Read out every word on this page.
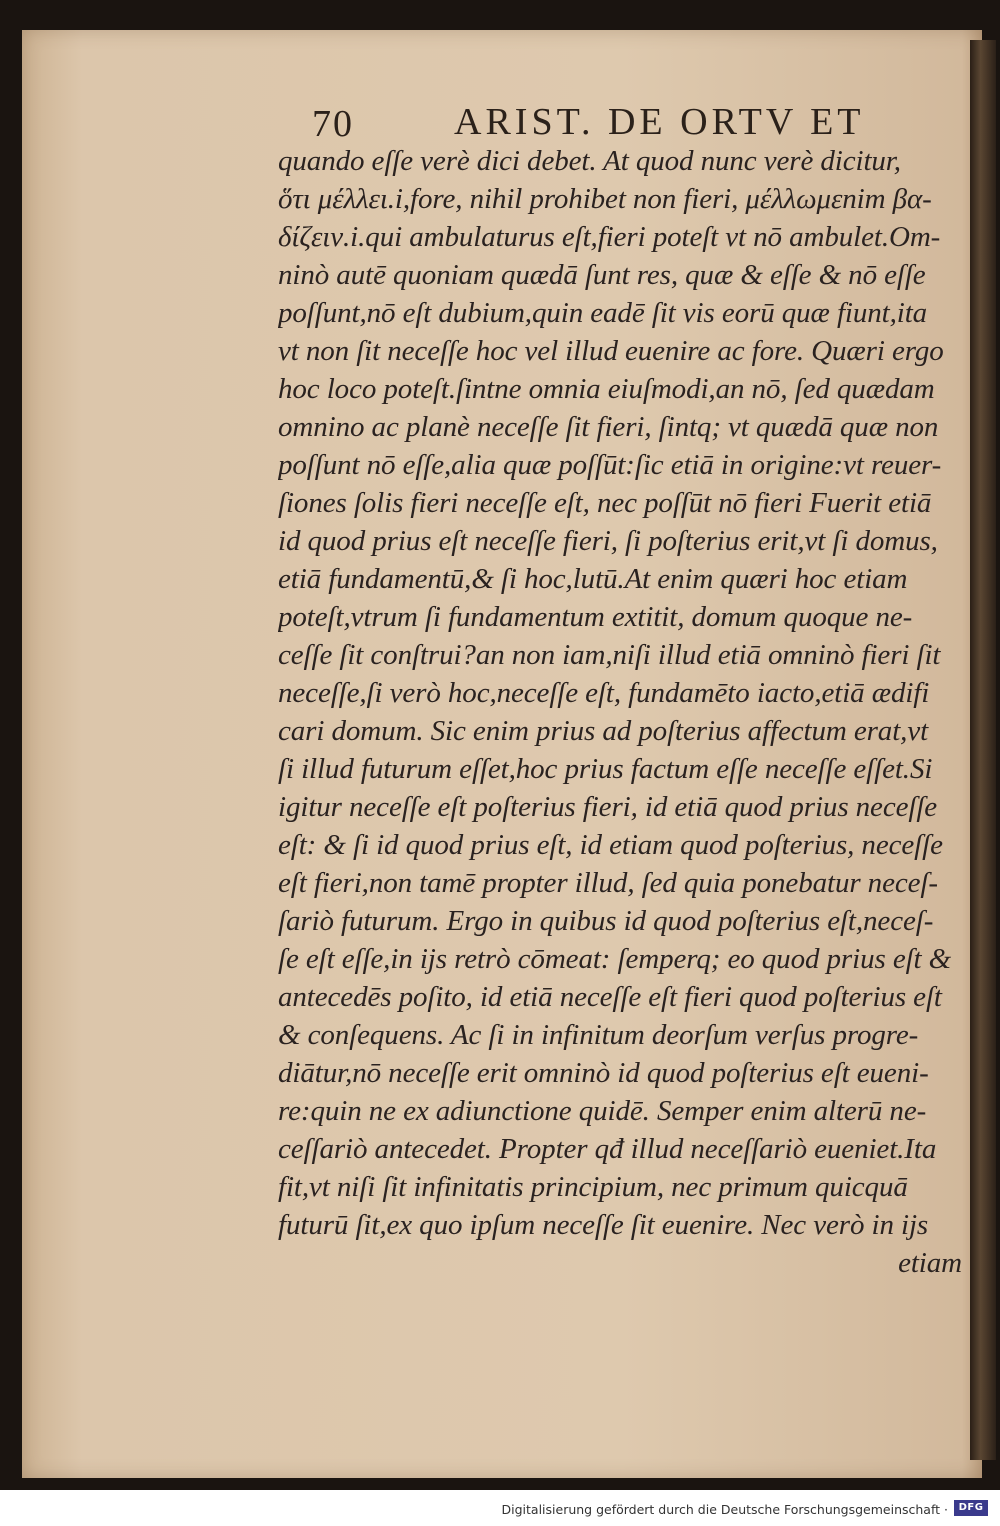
70	ARIST. DE ORTV ET
quando eſſe verè dici debet. At quod nunc verè dicitur,
ὅτι μέλλει.i,fore, nihil prohibet non fieri, μέλλωμεnim βα-
δίζειν.i.qui ambulaturus eſt,fieri poteſt vt nō ambulet.Om-
ninò autē quoniam quædā ſunt res, quæ & eſſe & nō eſſe
poſſunt,nō eſt dubium,quin eadē ſit vis eorū quæ fiunt,ita
vt non ſit neceſſe hoc vel illud euenire ac fore. Quæri ergo
hoc loco poteſt.ſintne omnia eiuſmodi,an nō, ſed quædam
omnino ac planè neceſſe ſit fieri, ſintq; vt quædā quæ non
poſſunt nō eſſe,alia quæ poſſūt:ſic etiā in origine:vt reuer-
ſiones ſolis fieri neceſſe eſt, nec poſſūt nō fieri Fuerit etiā
id quod prius eſt neceſſe fieri, ſi poſterius erit,vt ſi domus,
etiā fundamentū,& ſi hoc,lutū.At enim quæri hoc etiam
poteſt,vtrum ſi fundamentum extitit, domum quoque ne-
ceſſe ſit conſtrui?an non iam,niſi illud etiā omninò fieri ſit
neceſſe,ſi verò hoc,neceſſe eſt, fundamēto iacto,etiā ædifi
cari domum. Sic enim prius ad poſterius affectum erat,vt
ſi illud futurum eſſet,hoc prius factum eſſe neceſſe eſſet.Si
igitur neceſſe eſt poſterius fieri, id etiā quod prius neceſſe
eſt: & ſi id quod prius eſt, id etiam quod poſterius, neceſſe
eſt fieri,non tamē propter illud, ſed quia ponebatur neceſ-
ſariò futurum. Ergo in quibus id quod poſterius eſt,neceſ-
ſe eſt eſſe,in ijs retrò cōmeat: ſemperq; eo quod prius eſt &
antecedēs poſito, id etiā neceſſe eſt fieri quod poſterius eſt
& conſequens. Ac ſi in infinitum deorſum verſus progre-
diātur,nō neceſſe erit omninò id quod poſterius eſt eueni-
re:quin ne ex adiunctione quidē. Semper enim alterū ne-
ceſſariò antecedet. Propter qđ illud neceſſariò eueniet.Ita
fit,vt niſi ſit infinitatis principium, nec primum quicquā
futurū ſit,ex quo ipſum neceſſe ſit euenire. Nec verò in ijs
etiam
Digitalisierung gefördert durch die Deutsche Forschungsgemeinschaft ·	DFG
